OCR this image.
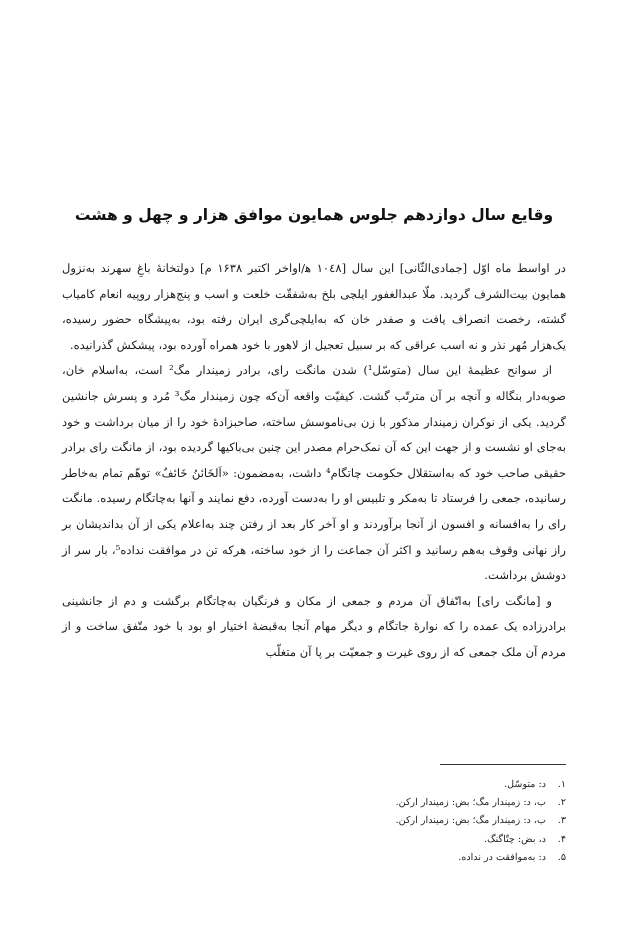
وقایع سال دوازدهم جلوس همایون موافق هزار و چهل و هشت

در اواسط ماه اوّل [جمادی‌الثّانی] این سال [۱۰٤۸ ﻫ/اواخر اکتبر ۱۶۳۸ م] دولتخانۀ باغِ سهرند به‌نزول همایون بیت‌الشرف گردید. ملّا عبدالغفور ایلچی بلخ به‌شفقّت خلعت و اسب و پنج‌هزار روپیه انعام کامیاب گشته، رخصت انصراف یافت و صفدر خان که به‌ایلچی‌گری ایران رفته بود، به‌پیشگاه حضور رسیده، یک‌هزار مُهر نذر و نه اسب عراقی که بر سبیل تعجیل از لاهور با خود همراه آورده بود، پیشکش گذرانیده.

از سوانح عظیمهٔ این سال (متوسّل¹) شدن مانگت رای، برادر زمیندار مگ² است، به‌اسلام خان، صوبه‌دار بنگاله و آنچه بر آن مترتّب گشت. کیفیّت واقعه آن‌که چون زمیندار مگ³ مُرد و پسرش جانشین گردید. یکی از نوکران زمیندار مذکور با زن بی‌ناموسش ساخته، صاحبزادهٔ خود را از میان برداشت و خود به‌جای او نشست و از جهت این که آن نمک‌حرام مصدر این چنین بی‌باکیها گردیده بود، از مانگت رای برادر حقیقی صاحب خود که به‌استقلال حکومت چاتگام⁴ داشت، به‌مضمون: «اَلخَائنُ خَائفٌ» توهّم تمام به‌خاطر رسانیده، جمعی را فرستاد تا به‌مکر و تلبیس او را به‌دست آورده، دفع نمایند و آنها به‌چاتگام رسیده. مانگت رای را به‌افسانه و افسون از آنجا برآوردند و او آخر کار بعد از رفتن چند به‌اعلام یکی از آن بداندیشان بر راز نهانی وقوف به‌هم رسانید و اکثر آن جماعت را از خود ساخته، هرکه تن در موافقت نداده⁵، بار سر از دوشش برداشت.

و [مانگت رای] به‌اتّفاق آن مردم و جمعی از مکان و فرنگیان به‌چاتگام برگشت و دم از جانشینی برادرزاده یک عمده را که نوارهٔ جاتگام و دیگر مهام آنجا به‌قبضهٔ اختیار او بود با خود متّفق ساخت و از مردم آن ملک جمعی که از روی غیرت و جمعیّت بر پا آن متغلّب

۱.
د: متوسّل.
۲.
ب، د: زمیندار مگ؛ بض: زمیندار ارکن.
۳.
ب، د: زمیندار مگ؛ بض: زمیندار ارکن.
۴.
د، بض: چتّاگنگ.
۵.
د: به‌موافقت در نداده.
